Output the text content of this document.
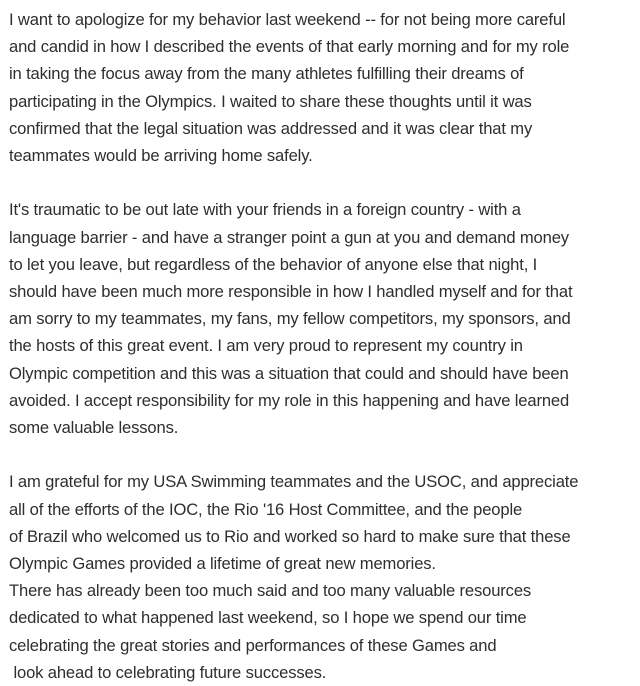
I want to apologize for my behavior last weekend -- for not being more careful
and candid in how I described the events of that early morning and for my role
in taking the focus away from the many athletes fulfilling their dreams of
participating in the Olympics. I waited to share these thoughts until it was
confirmed that the legal situation was addressed and it was clear that my
teammates would be arriving home safely.
It's traumatic to be out late with your friends in a foreign country - with a
language barrier - and have a stranger point a gun at you and demand money
to let you leave, but regardless of the behavior of anyone else that night, I
should have been much more responsible in how I handled myself and for that
am sorry to my teammates, my fans, my fellow competitors, my sponsors, and
the hosts of this great event. I am very proud to represent my country in
Olympic competition and this was a situation that could and should have been
avoided. I accept responsibility for my role in this happening and have learned
some valuable lessons.
I am grateful for my USA Swimming teammates and the USOC, and appreciate
all of the efforts of the IOC, the Rio '16 Host Committee, and the people
of Brazil who welcomed us to Rio and worked so hard to make sure that these
Olympic Games provided a lifetime of great new memories.
There has already been too much said and too many valuable resources
dedicated to what happened last weekend, so I hope we spend our time
celebrating the great stories and performances of these Games and
look ahead to celebrating future successes.
